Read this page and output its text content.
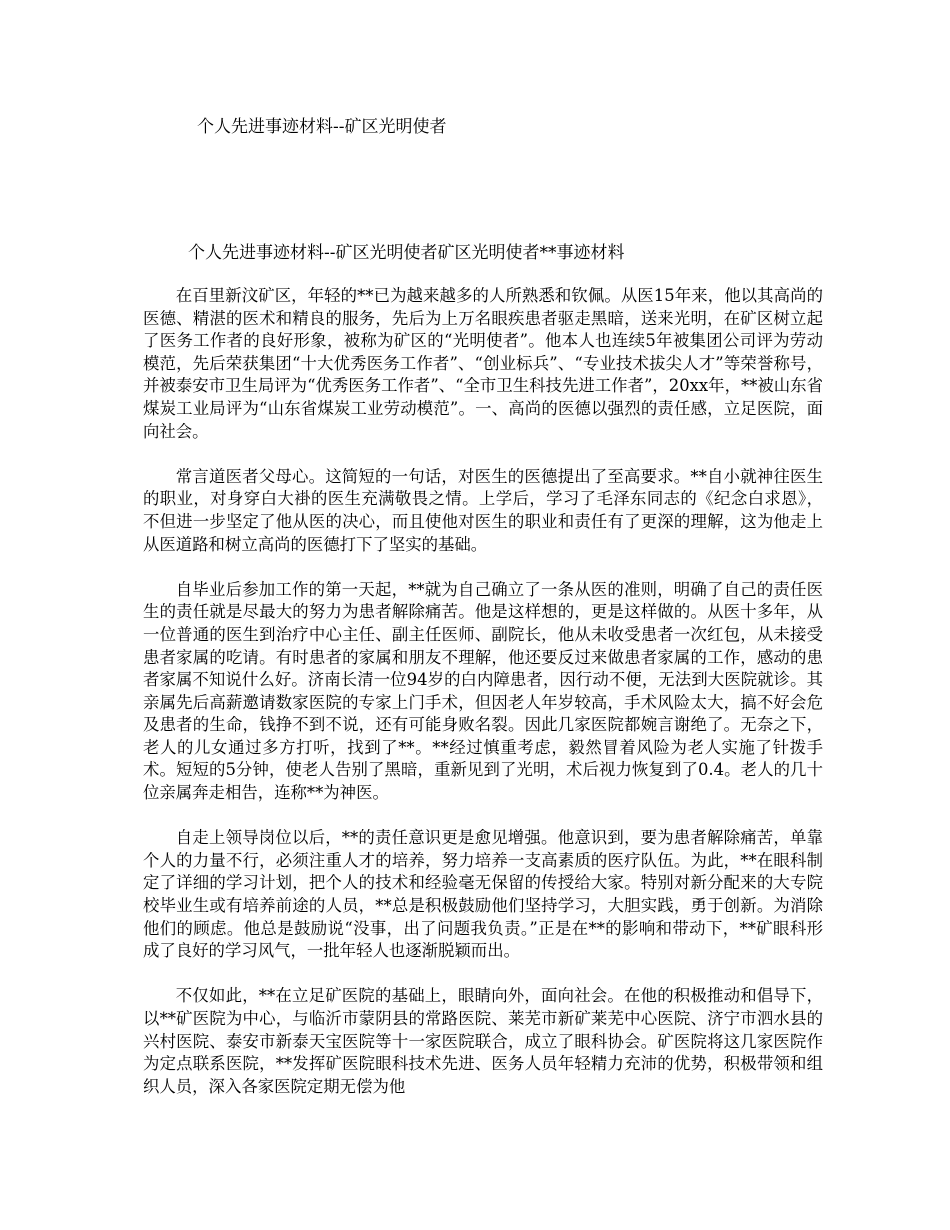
个人先进事迹材料--矿区光明使者
个人先进事迹材料--矿区光明使者矿区光明使者**事迹材料

在百里新汶矿区，年轻的**已为越来越多的人所熟悉和钦佩。从医15年来，他以其高尚的医德、精湛的医术和精良的服务，先后为上万名眼疾患者驱走黑暗，送来光明，在矿区树立起了医务工作者的良好形象，被称为矿区的“光明使者”。他本人也连续5年被集团公司评为劳动模范，先后荣获集团“十大优秀医务工作者”、“创业标兵”、“专业技术拔尖人才”等荣誉称号，并被泰安市卫生局评为“优秀医务工作者”、“全市卫生科技先进工作者”，20xx年，**被山东省煤炭工业局评为“山东省煤炭工业劳动模范”。一、高尚的医德以强烈的责任感，立足医院，面向社会。

常言道医者父母心。这简短的一句话，对医生的医德提出了至高要求。**自小就神往医生的职业，对身穿白大褂的医生充满敬畏之情。上学后，学习了毛泽东同志的《纪念白求恩》，不但进一步坚定了他从医的决心，而且使他对医生的职业和责任有了更深的理解，这为他走上从医道路和树立高尚的医德打下了坚实的基础。

自毕业后参加工作的第一天起，**就为自己确立了一条从医的准则，明确了自己的责任医生的责任就是尽最大的努力为患者解除痛苦。他是这样想的，更是这样做的。从医十多年，从一位普通的医生到治疗中心主任、副主任医师、副院长，他从未收受患者一次红包，从未接受患者家属的吃请。有时患者的家属和朋友不理解，他还要反过来做患者家属的工作，感动的患者家属不知说什么好。济南长清一位94岁的白内障患者，因行动不便，无法到大医院就诊。其亲属先后高薪邀请数家医院的专家上门手术，但因老人年岁较高，手术风险太大，搞不好会危及患者的生命，钱挣不到不说，还有可能身败名裂。因此几家医院都婉言谢绝了。无奈之下，老人的儿女通过多方打听，找到了**。**经过慎重考虑，毅然冒着风险为老人实施了针拨手术。短短的5分钟，使老人告别了黑暗，重新见到了光明，术后视力恢复到了0.4。老人的几十位亲属奔走相告，连称**为神医。

自走上领导岗位以后，**的责任意识更是愈见增强。他意识到，要为患者解除痛苦，单靠个人的力量不行，必须注重人才的培养，努力培养一支高素质的医疗队伍。为此，**在眼科制定了详细的学习计划，把个人的技术和经验毫无保留的传授给大家。特别对新分配来的大专院校毕业生或有培养前途的人员，**总是积极鼓励他们坚持学习，大胆实践，勇于创新。为消除他们的顾虑。他总是鼓励说“没事，出了问题我负责。”正是在**的影响和带动下，**矿眼科形成了良好的学习风气，一批年轻人也逐渐脱颖而出。

不仅如此，**在立足矿医院的基础上，眼睛向外，面向社会。在他的积极推动和倡导下，以**矿医院为中心，与临沂市蒙阴县的常路医院、莱芜市新矿莱芜中心医院、济宁市泗水县的兴村医院、泰安市新泰天宝医院等十一家医院联合，成立了眼科协会。矿医院将这几家医院作为定点联系医院，**发挥矿医院眼科技术先进、医务人员年轻精力充沛的优势，积极带领和组织人员，深入各家医院定期无偿为他
